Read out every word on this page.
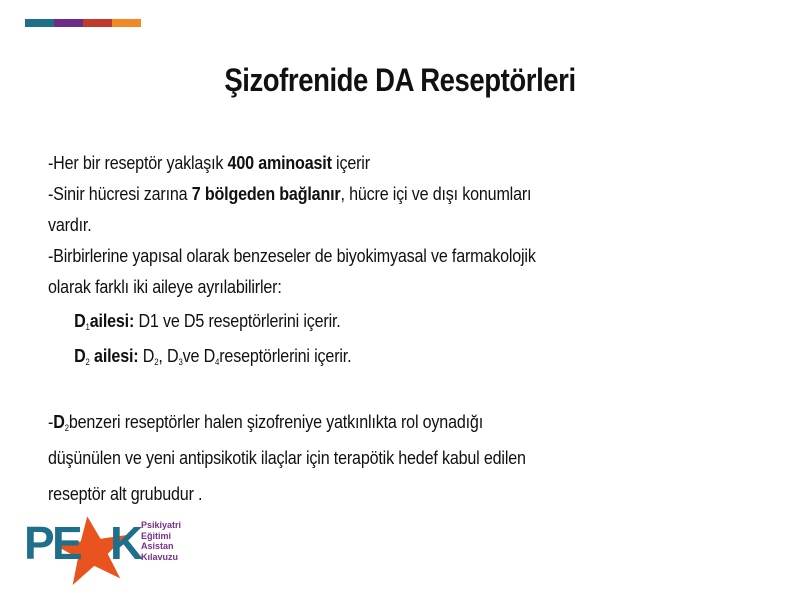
Şizofrenide DA Reseptörleri
-Her bir reseptör yaklaşık 400 aminoasit içerir
-Sinir hücresi zarına 7 bölgeden bağlanır, hücre içi ve dışı konumları
vardır.
-Birbirlerine yapısal olarak benzeseler de biyokimyasal ve farmakolojik
olarak farklı iki aileye ayrılabilirler:
$D_1ailesi$: D1 ve D5 reseptörlerini içerir.
$D_2$ ailesi: $D_2$, $D_3ve$ $D_4reseptörlerini$ içerir.
$-D_2benzeri$ reseptörler halen şizofreniye yatkınlıkta rol oynadığı
düşünülen ve yeni antipsikotik ilaçlar için terapötik hedef kabul edilen
reseptör alt grubudur .
P
E K
Psikiyatri
Eğitimi
Asistan
Kılavuzu
